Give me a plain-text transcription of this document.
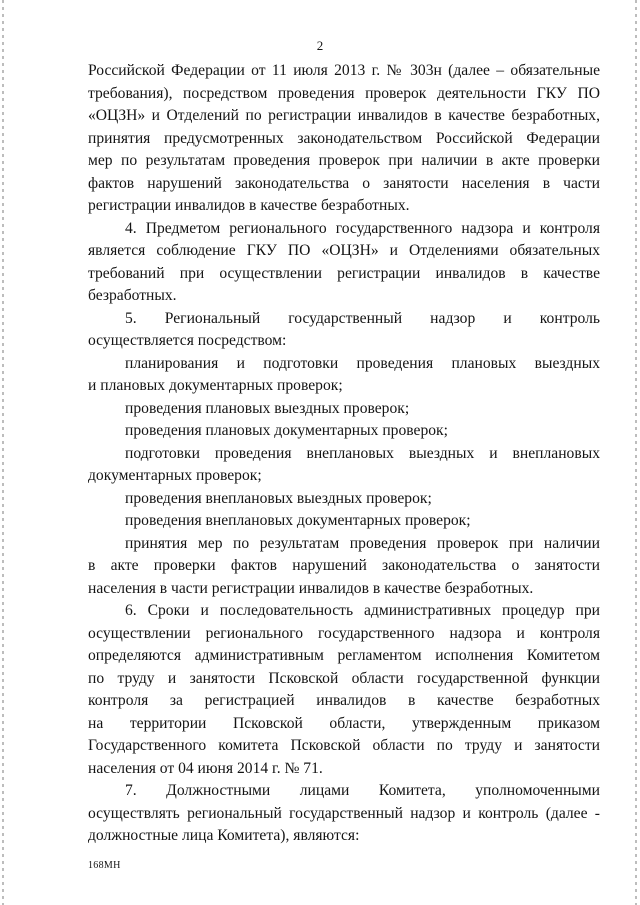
2

Российской Федерации от 11 июля 2013 г. № 303н (далее – обязательные
требования), посредством проведения проверок деятельности ГКУ ПО
«ОЦЗН» и Отделений по регистрации инвалидов в качестве безработных,
принятия предусмотренных законодательством Российской Федерации
мер по результатам проведения проверок при наличии в акте проверки
фактов нарушений законодательства о занятости населения в части
регистрации инвалидов в качестве безработных.

4. Предметом регионального государственного надзора и контроля
является соблюдение ГКУ ПО «ОЦЗН» и Отделениями обязательных
требований при осуществлении регистрации инвалидов в качестве
безработных.

5. Региональный государственный надзор и контроль
осуществляется посредством:

планирования и подготовки проведения плановых выездных
и плановых документарных проверок;

проведения плановых выездных проверок;

проведения плановых документарных проверок;

подготовки проведения внеплановых выездных и внеплановых
документарных проверок;

проведения внеплановых выездных проверок;

проведения внеплановых документарных проверок;

принятия мер по результатам проведения проверок при наличии
в акте проверки фактов нарушений законодательства о занятости
населения в части регистрации инвалидов в качестве безработных.

6. Сроки и последовательность административных процедур при
осуществлении регионального государственного надзора и контроля
определяются административным регламентом исполнения Комитетом
по труду и занятости Псковской области государственной функции
контроля за регистрацией инвалидов в качестве безработных
на территории Псковской области, утвержденным приказом
Государственного комитета Псковской области по труду и занятости
населения от 04 июня 2014 г. № 71.

7. Должностными лицами Комитета, уполномоченными
осуществлять региональный государственный надзор и контроль (далее -
должностные лица Комитета), являются:

168МН
